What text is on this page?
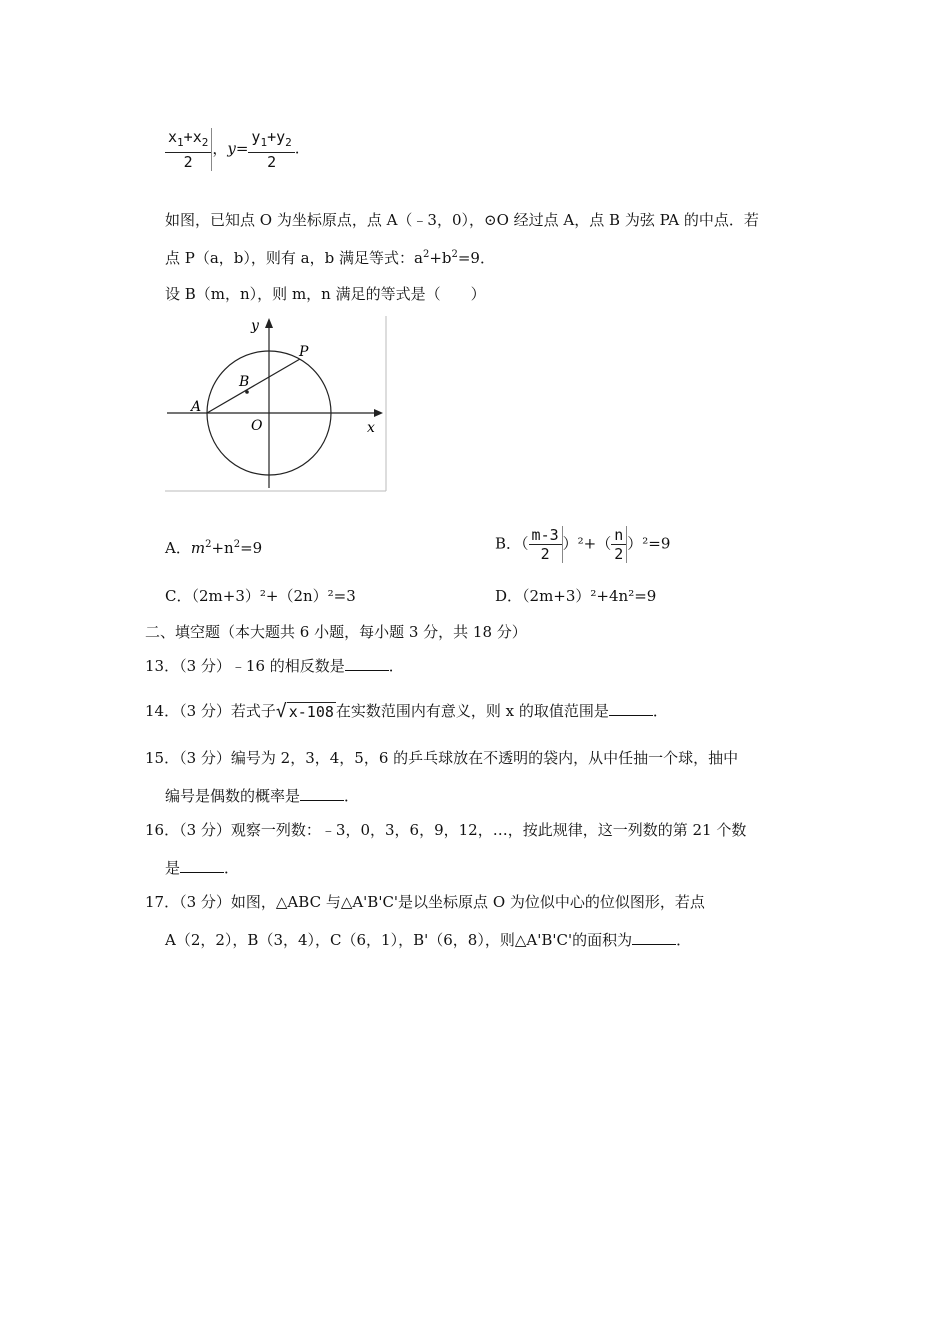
$\frac{x_1+x_2}{2}$ ，$y= \frac{y_1+y_2}{2}$ .
如图，已知点 O 为坐标原点，点 A（﹣3，0），⊙O 经过点 A，点 B 为弦 PA 的中点．若
点 P（a，b），则有 a，b 满足等式：$a^2+b^2=9$．
设 B（m，n），则 m，n 满足的等式是（　　）
y
P
B
A
O	x
A．$m^2+n^2=9$	B．（ $\frac{m-3}{2} )^2+( \frac{n}{2} )^2=9$
C．（2m+3）²+（2n）²=3	D．（2m+3）²+4n²=9
二、填空题（本大题共 6 小题，每小题 3 分，共 18 分）
13．（3 分）﹣16 的相反数是	．
14．（3 分）若式子√ x-108 在实数范围内有意义，则 x 的取值范围是	．
15．（3 分）编号为 2，3，4，5，6 的乒乓球放在不透明的袋内，从中任抽一个球，抽中
编号是偶数的概率是	．
16．（3 分）观察一列数：﹣3，0，3，6，9，12，…，按此规律，这一列数的第 21 个数
是	．
17．（3 分）如图，△ABC 与△A'B'C'是以坐标原点 O 为位似中心的位似图形，若点
A（2，2），B（3，4），C（6，1），B'（6，8），则△A'B'C'的面积为	．
